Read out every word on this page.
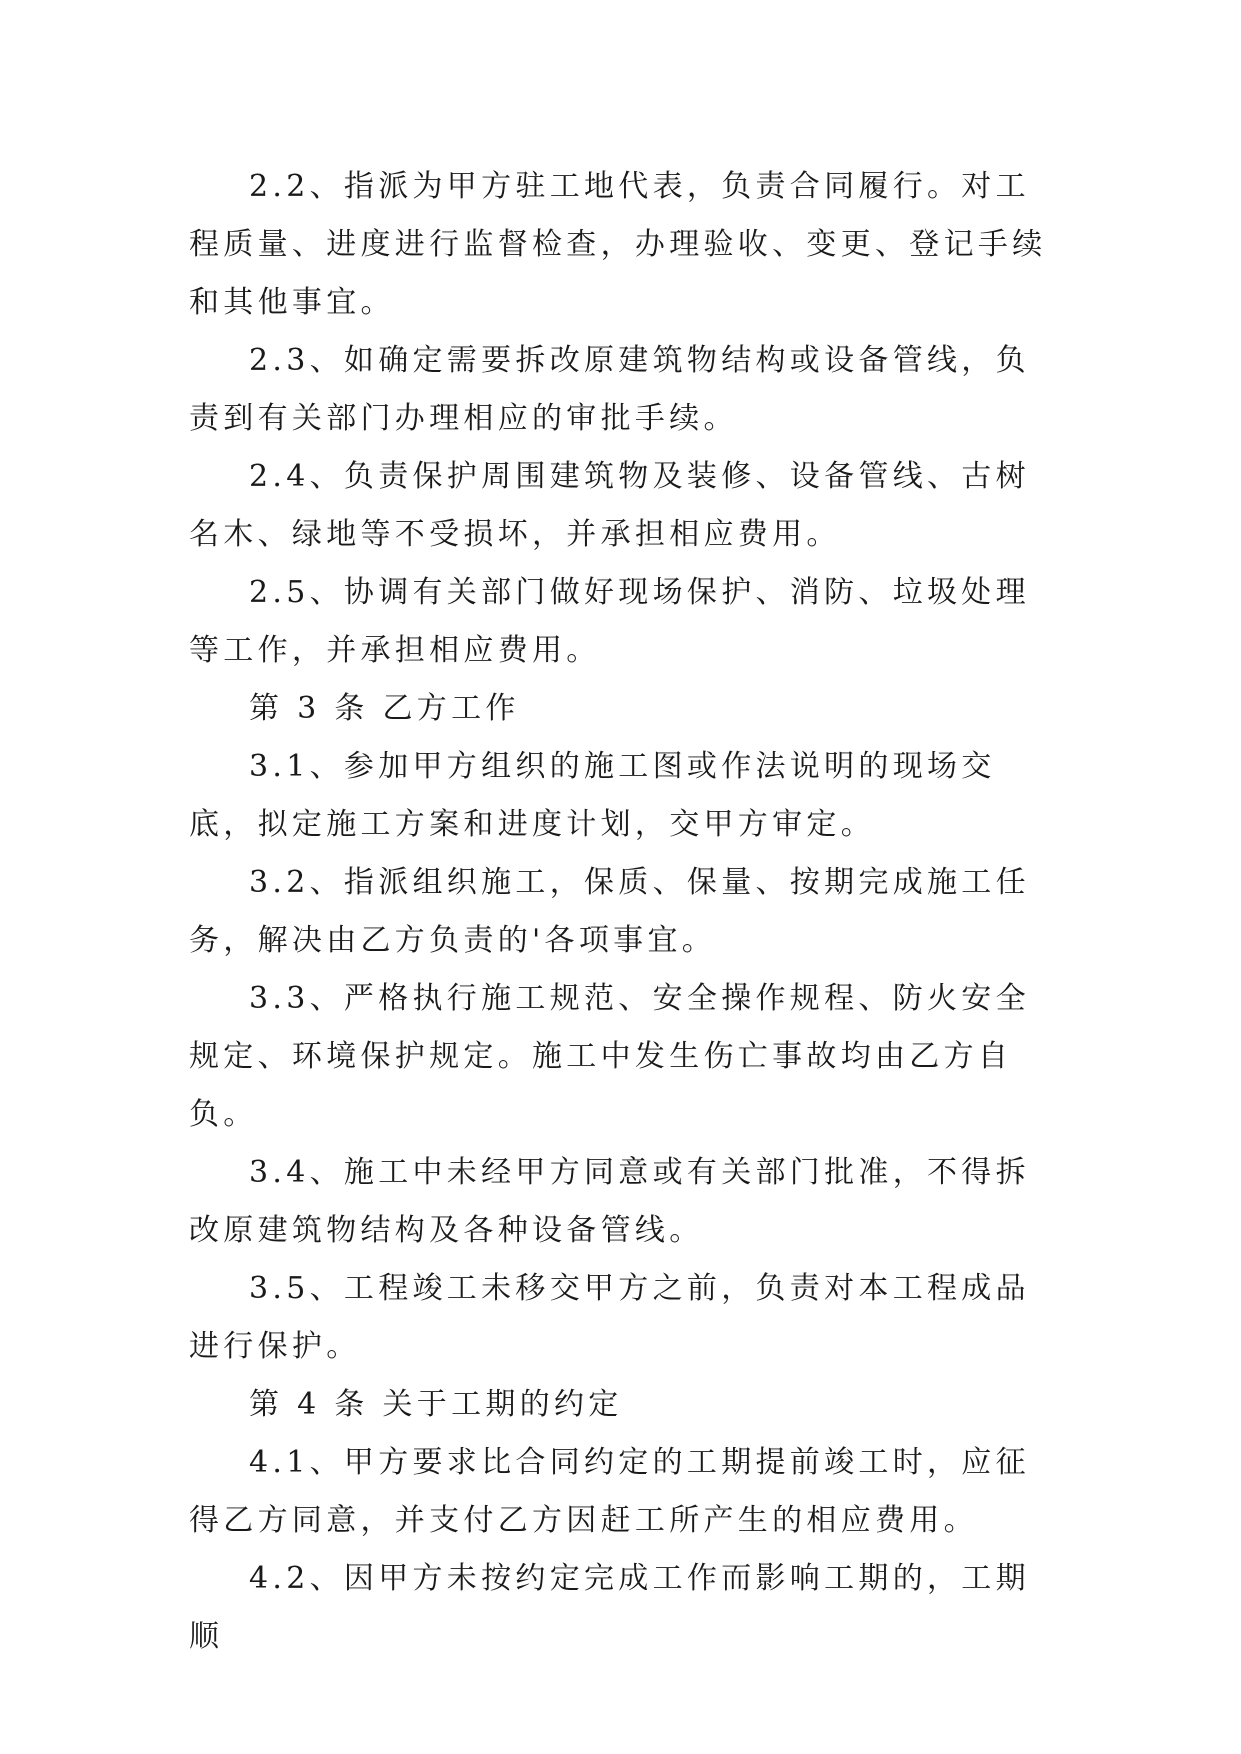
2.2、指派为甲方驻工地代表，负责合同履行。对工程质量、进度进行监督检查，办理验收、变更、登记手续和其他事宜。

2.3、如确定需要拆改原建筑物结构或设备管线，负责到有关部门办理相应的审批手续。

2.4、负责保护周围建筑物及装修、设备管线、古树名木、绿地等不受损坏，并承担相应费用。

2.5、协调有关部门做好现场保护、消防、垃圾处理等工作，并承担相应费用。

第 3 条 乙方工作

3.1、参加甲方组织的施工图或作法说明的现场交底，拟定施工方案和进度计划，交甲方审定。

3.2、指派组织施工，保质、保量、按期完成施工任务，解决由乙方负责的'各项事宜。

3.3、严格执行施工规范、安全操作规程、防火安全规定、环境保护规定。施工中发生伤亡事故均由乙方自负。

3.4、施工中未经甲方同意或有关部门批准，不得拆改原建筑物结构及各种设备管线。

3.5、工程竣工未移交甲方之前，负责对本工程成品进行保护。

第 4 条 关于工期的约定

4.1、甲方要求比合同约定的工期提前竣工时，应征得乙方同意，并支付乙方因赶工所产生的相应费用。

4.2、因甲方未按约定完成工作而影响工期的，工期顺
